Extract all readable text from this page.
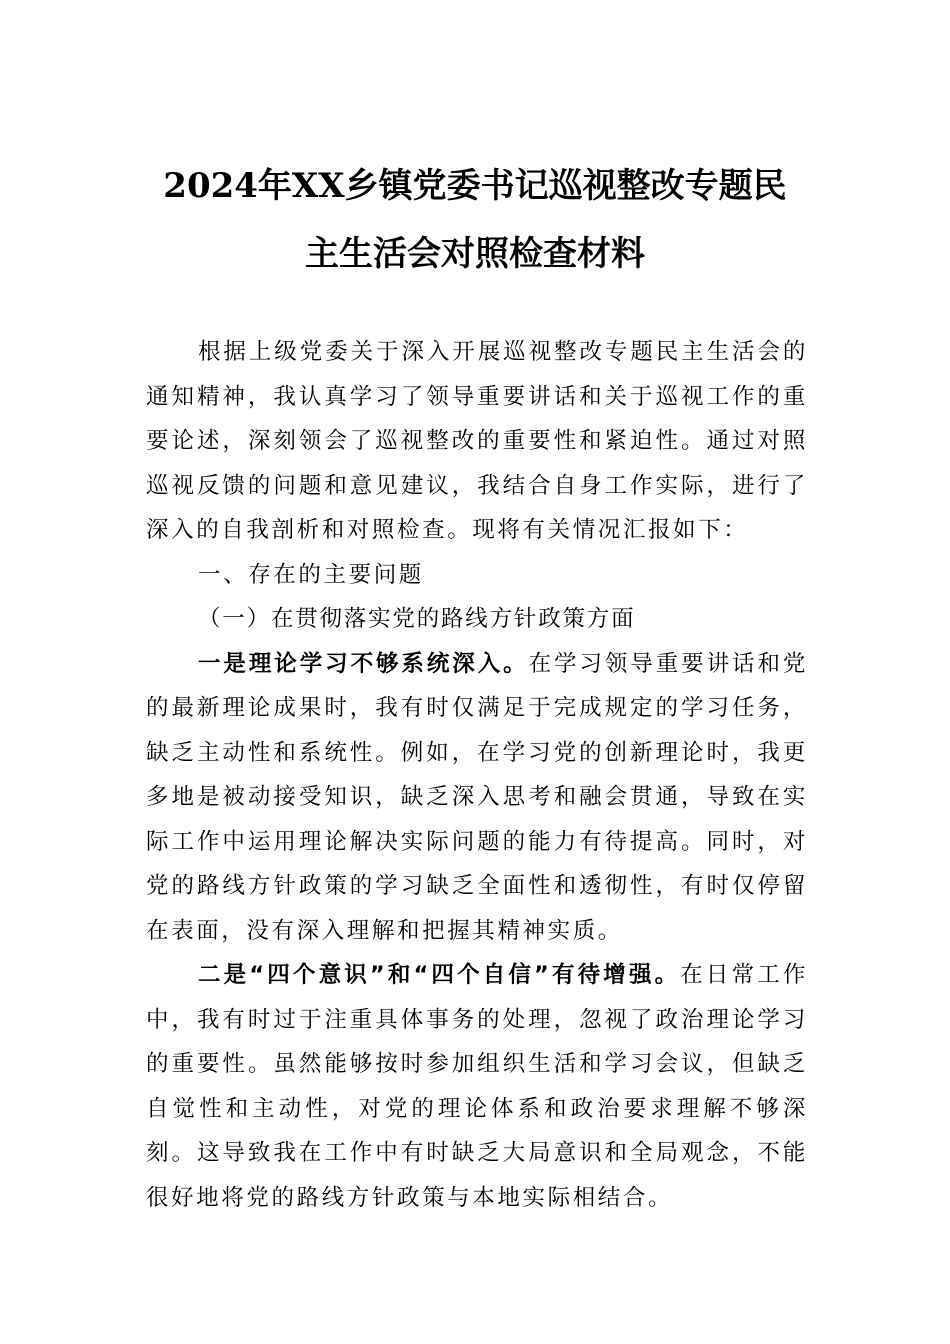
2024年XX乡镇党委书记巡视整改专题民
主生活会对照检查材料

根据上级党委关于深入开展巡视整改专题民主生活会的通知精神，我认真学习了领导重要讲话和关于巡视工作的重要论述，深刻领会了巡视整改的重要性和紧迫性。通过对照巡视反馈的问题和意见建议，我结合自身工作实际，进行了深入的自我剖析和对照检查。现将有关情况汇报如下：

一、存在的主要问题

（一）在贯彻落实党的路线方针政策方面

一是理论学习不够系统深入。在学习领导重要讲话和党的最新理论成果时，我有时仅满足于完成规定的学习任务，缺乏主动性和系统性。例如，在学习党的创新理论时，我更多地是被动接受知识，缺乏深入思考和融会贯通，导致在实际工作中运用理论解决实际问题的能力有待提高。同时，对党的路线方针政策的学习缺乏全面性和透彻性，有时仅停留在表面，没有深入理解和把握其精神实质。

二是“四个意识”和“四个自信”有待增强。在日常工作中，我有时过于注重具体事务的处理，忽视了政治理论学习的重要性。虽然能够按时参加组织生活和学习会议，但缺乏自觉性和主动性，对党的理论体系和政治要求理解不够深刻。这导致我在工作中有时缺乏大局意识和全局观念，不能很好地将党的路线方针政策与本地实际相结合。
